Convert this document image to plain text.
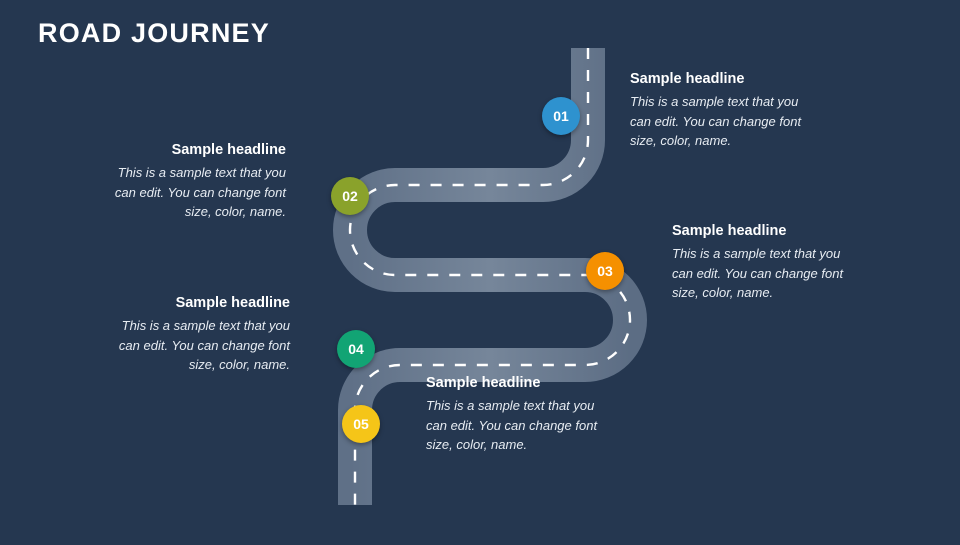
ROAD JOURNEY
01
02
03
04
05
Sample headline
This is a sample text that you can edit. You can change font size, color, name.
Sample headline
This is a sample text that you can edit. You can change font size, color, name.
Sample headline
This is a sample text that you can edit. You can change font size, color, name.
Sample headline
This is a sample text that you can edit. You can change font size, color, name.
Sample headline
This is a sample text that you can edit. You can change font size, color, name.
